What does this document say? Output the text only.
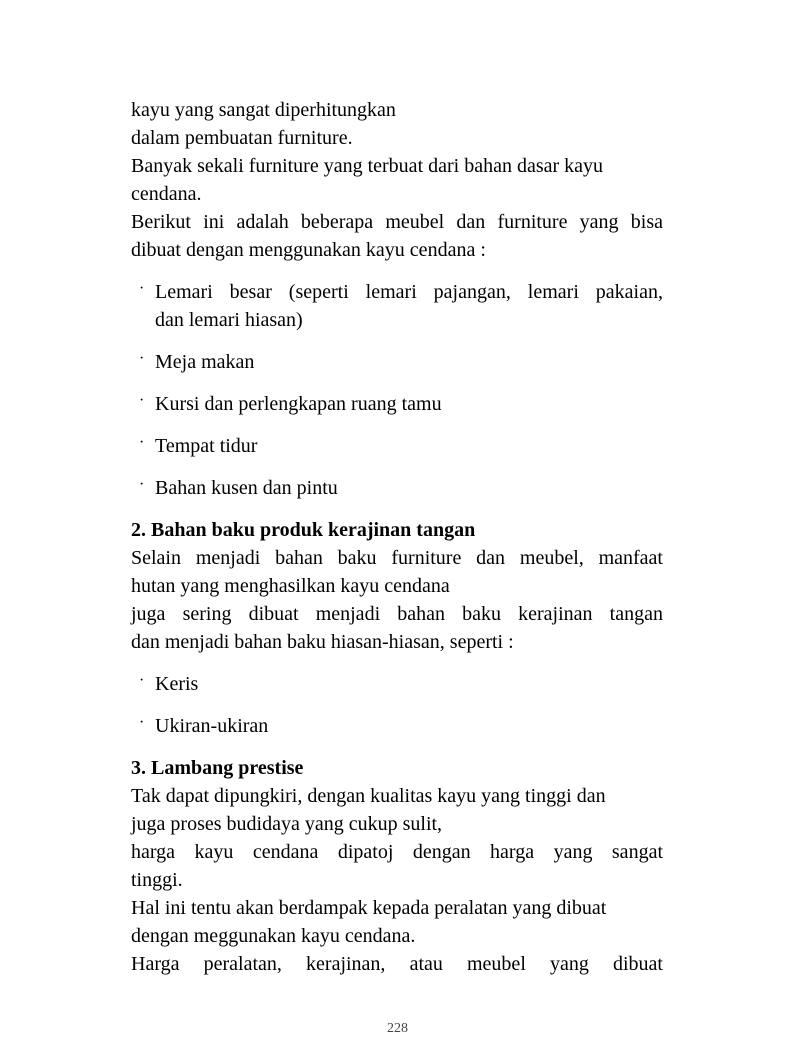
kayu yang sangat diperhitungkan
dalam pembuatan furniture.
Banyak sekali furniture yang terbuat dari bahan dasar kayu
cendana.
Berikut ini adalah beberapa meubel dan furniture yang bisa
dibuat dengan menggunakan kayu cendana :
· Lemari besar (seperti lemari pajangan, lemari pakaian,
dan lemari hiasan)
· Meja makan
· Kursi dan perlengkapan ruang tamu
· Tempat tidur
· Bahan kusen dan pintu
2. Bahan baku produk kerajinan tangan
Selain menjadi bahan baku furniture dan meubel, manfaat
hutan yang menghasilkan kayu cendana
juga sering dibuat menjadi bahan baku kerajinan tangan
dan menjadi bahan baku hiasan-hiasan, seperti :
· Keris
· Ukiran-ukiran
3. Lambang prestise
Tak dapat dipungkiri, dengan kualitas kayu yang tinggi dan
juga proses budidaya yang cukup sulit,
harga kayu cendana dipatoj dengan harga yang sangat
tinggi.
Hal ini tentu akan berdampak kepada peralatan yang dibuat
dengan meggunakan kayu cendana.
Harga peralatan, kerajinan, atau meubel yang dibuat
228
